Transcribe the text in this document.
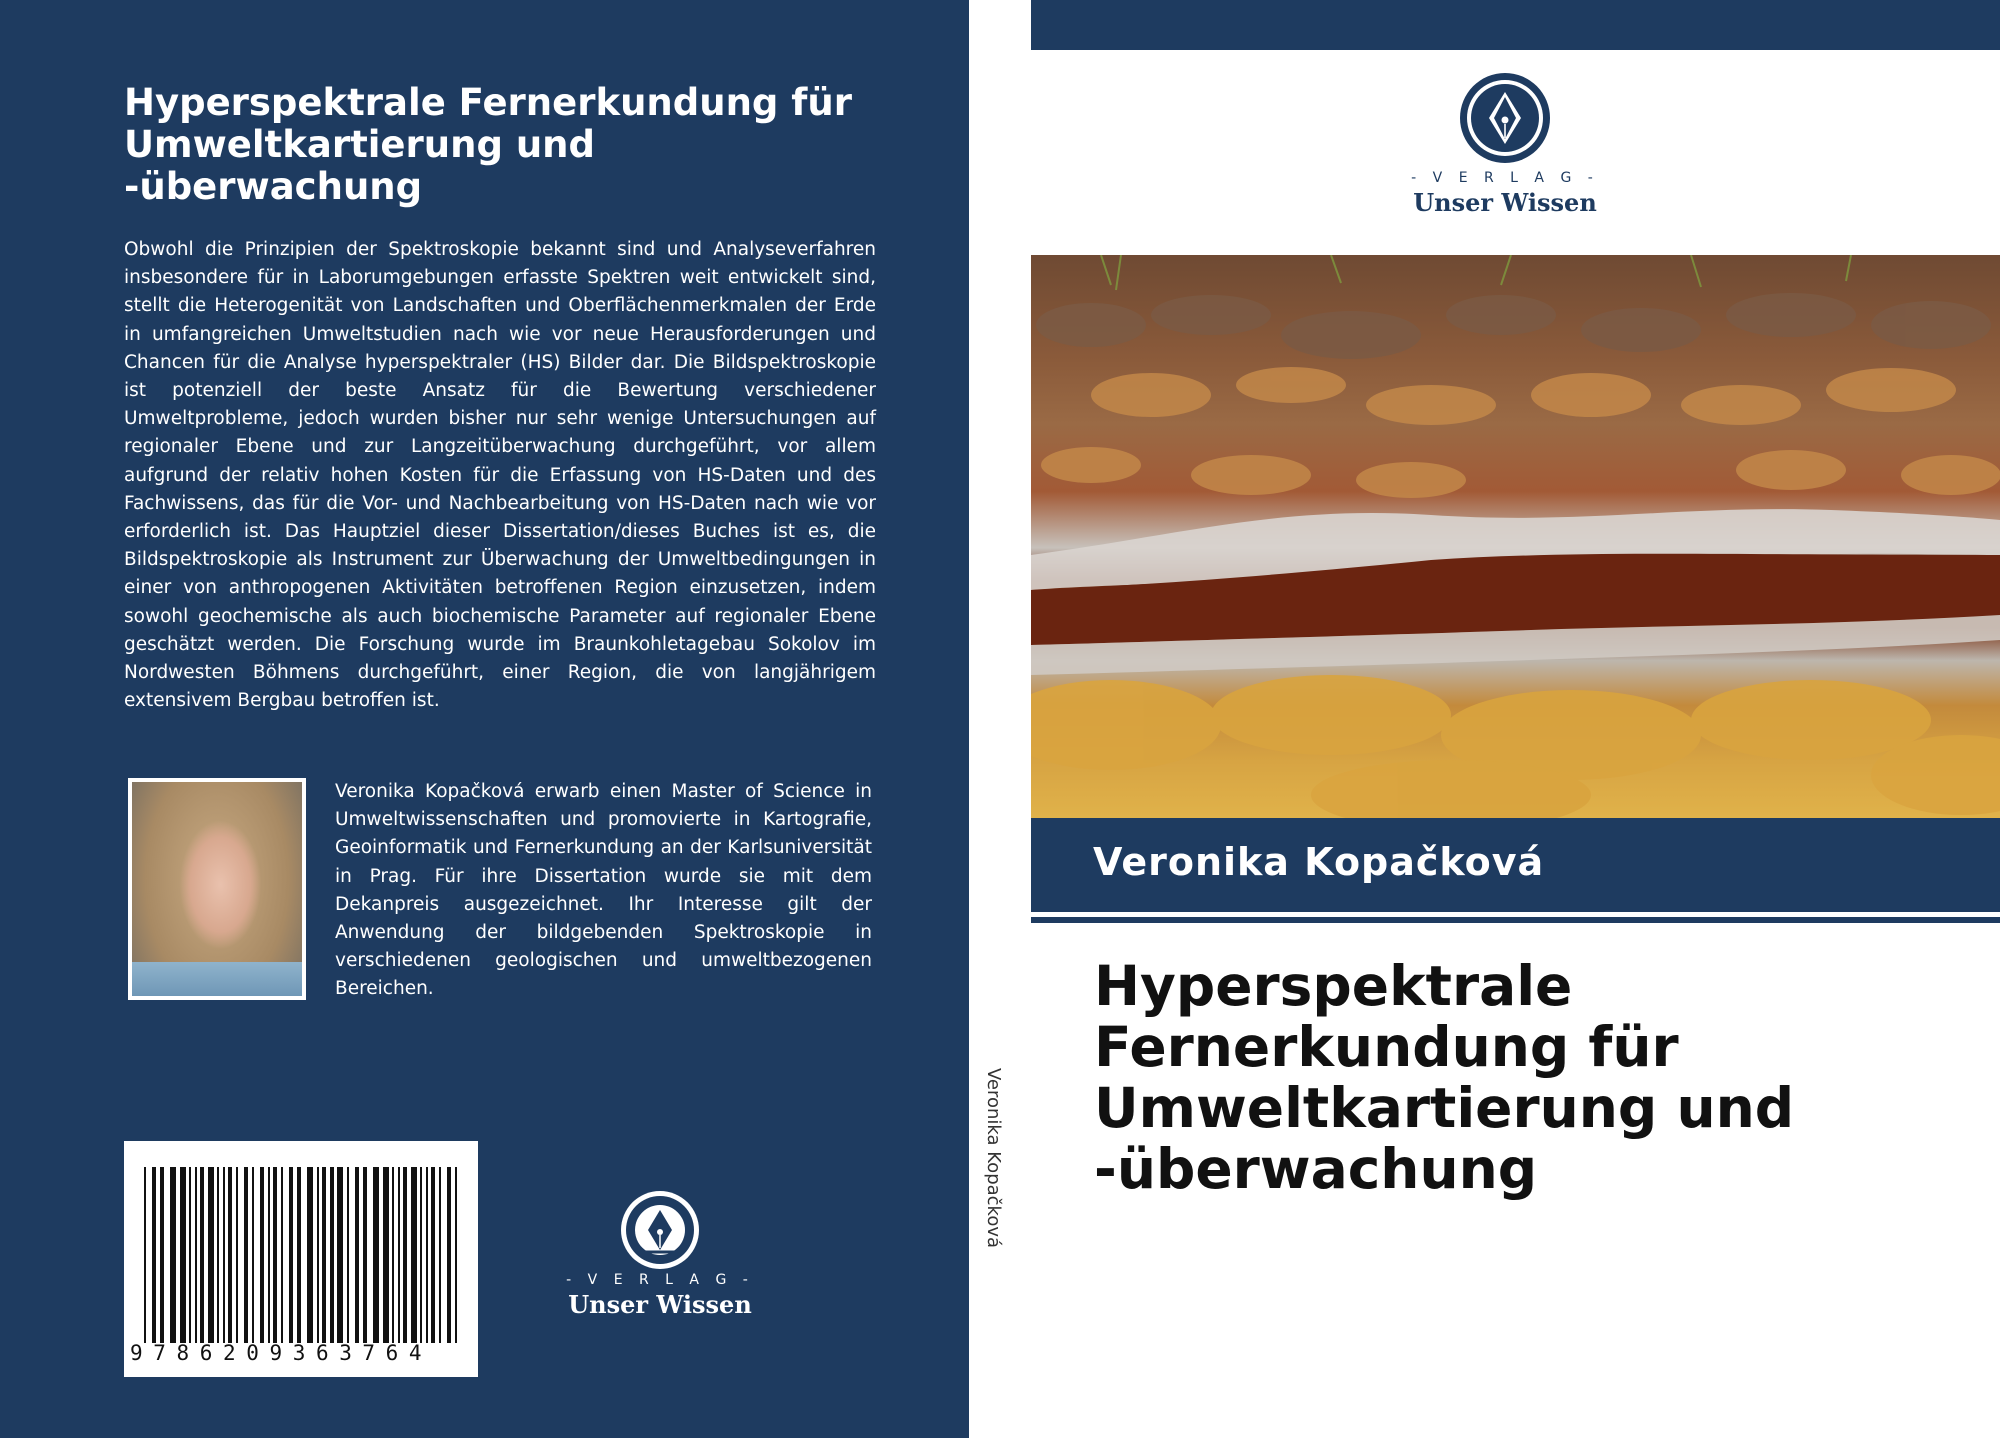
Hyperspektrale Fernerkundung für Umweltkartierung und -überwachung

Obwohl die Prinzipien der Spektroskopie bekannt sind und Analyseverfahren insbesondere für in Laborumgebungen erfasste Spektren weit entwickelt sind, stellt die Heterogenität von Landschaften und Oberflächenmerkmalen der Erde in umfangreichen Umweltstudien nach wie vor neue Herausforderungen und Chancen für die Analyse hyperspektraler (HS) Bilder dar. Die Bildspektroskopie ist potenziell der beste Ansatz für die Bewertung verschiedener Umweltprobleme, jedoch wurden bisher nur sehr wenige Untersuchungen auf regionaler Ebene und zur Langzeitüberwachung durchgeführt, vor allem aufgrund der relativ hohen Kosten für die Erfassung von HS-Daten und des Fachwissens, das für die Vor- und Nachbearbeitung von HS-Daten nach wie vor erforderlich ist. Das Hauptziel dieser Dissertation/dieses Buches ist es, die Bildspektroskopie als Instrument zur Überwachung der Umweltbedingungen in einer von anthropogenen Aktivitäten betroffenen Region einzusetzen, indem sowohl geochemische als auch biochemische Parameter auf regionaler Ebene geschätzt werden. Die Forschung wurde im Braunkohletagebau Sokolov im Nordwesten Böhmens durchgeführt, einer Region, die von langjährigem extensivem Bergbau betroffen ist.

Veronika Kopačková erwarb einen Master of Science in Umweltwissenschaften und promovierte in Kartografie, Geoinformatik und Fernerkundung an der Karlsuniversität in Prag. Für ihre Dissertation wurde sie mit dem Dekanpreis ausgezeichnet. Ihr Interesse gilt der Anwendung der bildgebenden Spektroskopie in verschiedenen geologischen und umweltbezogenen Bereichen.

9786209363764
- V E R L A G -
Unser Wissen
Veronika Kopačková
- V E R L A G -
Unser Wissen
Veronika Kopačková
Hyperspektrale Fernerkundung für Umweltkartierung und -überwachung
